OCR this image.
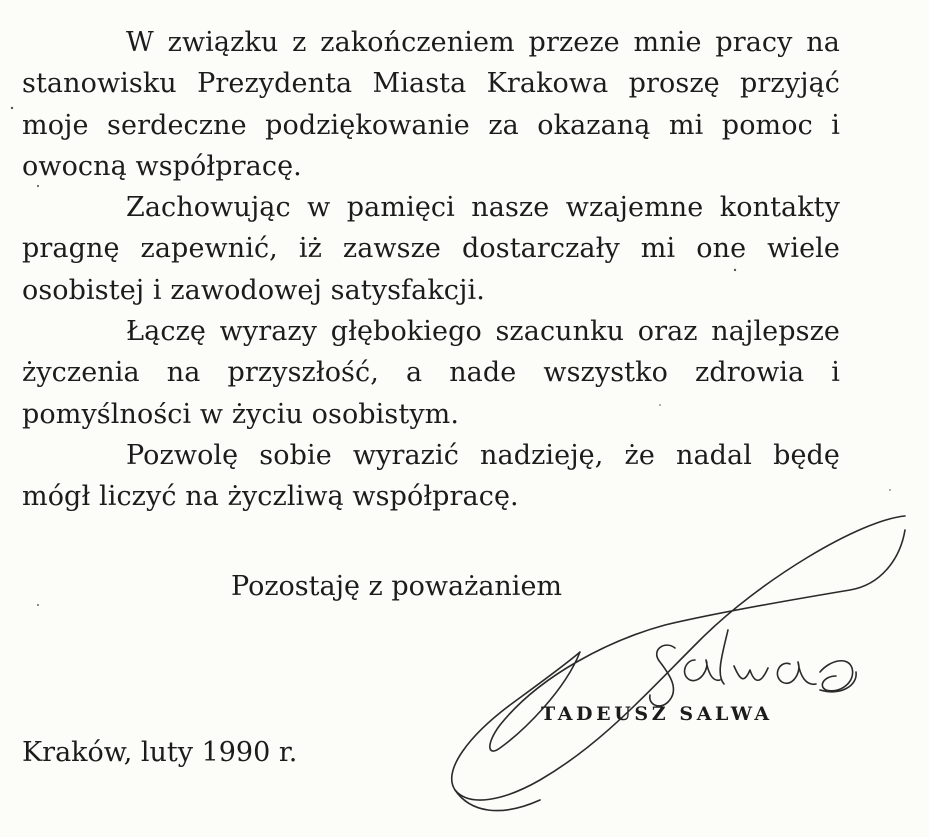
W związku z zakończeniem przeze mnie pracy na stanowisku Prezydenta Miasta Krakowa proszę przyjąć moje serdeczne podziękowanie za okazaną mi pomoc i owocną współpracę.

Zachowując w pamięci nasze wzajemne kontakty pragnę zapewnić, iż zawsze dostarczały mi one wiele osobistej i zawodowej satysfakcji.

Łączę wyrazy głębokiego szacunku oraz najlepsze życzenia na przyszłość, a nade wszystko zdrowia i pomyślności w życiu osobistym.

Pozwolę sobie wyrazić nadzieję, że nadal będę mógł liczyć na życzliwą współpracę.

Pozostaję z poważaniem
TADEUSZ SALWA
Kraków, luty 1990 r.
